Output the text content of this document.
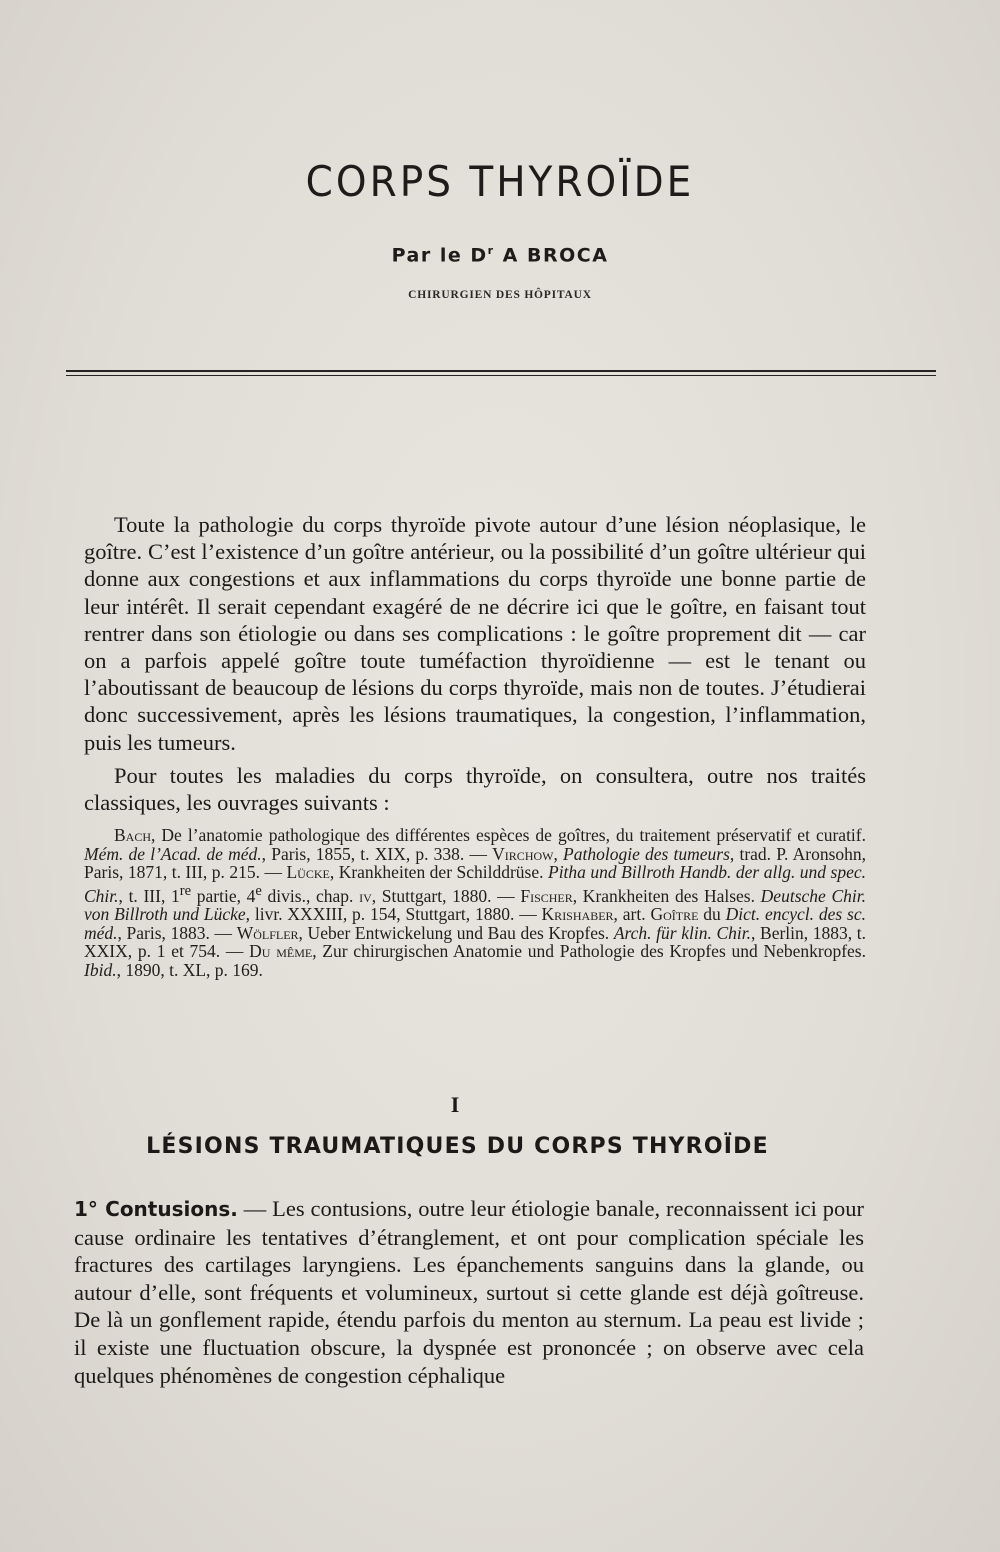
CORPS THYROÏDE
Par le $D^r$ A BROCA
CHIRURGIEN DES HÔPITAUX

Toute la pathologie du corps thyroïde pivote autour d’une lésion néoplasique, le goître. C’est l’existence d’un goître antérieur, ou la possibilité d’un goître ultérieur qui donne aux congestions et aux inflammations du corps thyroïde une bonne partie de leur intérêt. Il serait cependant exagéré de ne décrire ici que le goître, en faisant tout rentrer dans son étiologie ou dans ses complications : le goître proprement dit — car on a parfois appelé goître toute tuméfaction thyroïdienne — est le tenant ou l’aboutissant de beaucoup de lésions du corps thyroïde, mais non de toutes. J’étudierai donc successivement, après les lésions traumatiques, la congestion, l’inflammation, puis les tumeurs.

Pour toutes les maladies du corps thyroïde, on consultera, outre nos traités classiques, les ouvrages suivants :

Bach, De l’anatomie pathologique des différentes espèces de goîtres, du traitement préservatif et curatif. Mém. de l’Acad. de méd., Paris, 1855, t. XIX, p. 338. — Virchow, Pathologie des tumeurs, trad. P. Aronsohn, Paris, 1871, t. III, p. 215. — Lücke, Krankheiten der Schilddrüse. Pitha und Billroth Handb. der allg. und spec. Chir., t. III, 1re partie, 4e divis., chap. iv, Stuttgart, 1880. — Fischer, Krankheiten des Halses. Deutsche Chir. von Billroth und Lücke, livr. XXXIII, p. 154, Stuttgart, 1880. — Krishaber, art. Goître du Dict. encycl. des sc. méd., Paris, 1883. — Wölfler, Ueber Entwickelung und Bau des Kropfes. Arch. für klin. Chir., Berlin, 1883, t. XXIX, p. 1 et 754. — Du même, Zur chirurgischen Anatomie und Pathologie des Kropfes und Nebenkropfes. Ibid., 1890, t. XL, p. 169.

I
LÉSIONS TRAUMATIQUES DU CORPS THYROÏDE

1° Contusions. — Les contusions, outre leur étiologie banale, reconnaissent ici pour cause ordinaire les tentatives d’étranglement, et ont pour complication spéciale les fractures des cartilages laryngiens. Les épanchements sanguins dans la glande, ou autour d’elle, sont fréquents et volumineux, surtout si cette glande est déjà goîtreuse. De là un gonflement rapide, étendu parfois du menton au sternum. La peau est livide ; il existe une fluctuation obscure, la dyspnée est prononcée ; on observe avec cela quelques phénomènes de congestion céphalique
